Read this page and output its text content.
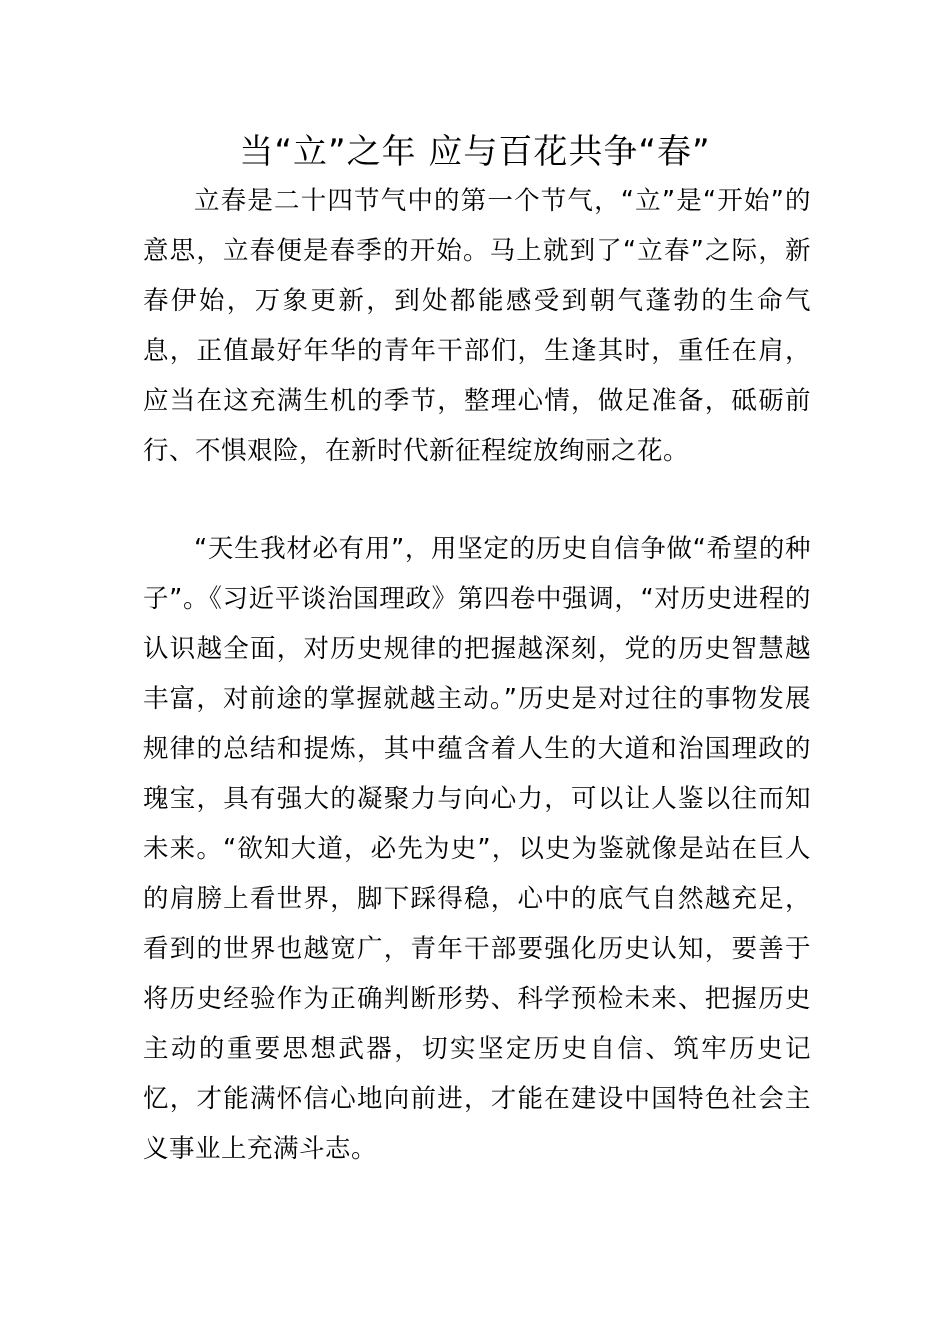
当“立”之年 应与百花共争“春”

立春是二十四节气中的第一个节气，“立”是“开始”的意思，立春便是春季的开始。马上就到了“立春”之际，新春伊始，万象更新，到处都能感受到朝气蓬勃的生命气息，正值最好年华的青年干部们，生逢其时，重任在肩，应当在这充满生机的季节，整理心情，做足准备，砥砺前行、不惧艰险，在新时代新征程绽放绚丽之花。

“天生我材必有用”，用坚定的历史自信争做“希望的种子”。《习近平谈治国理政》第四卷中强调，“对历史进程的认识越全面，对历史规律的把握越深刻，党的历史智慧越丰富，对前途的掌握就越主动。”历史是对过往的事物发展规律的总结和提炼，其中蕴含着人生的大道和治国理政的瑰宝，具有强大的凝聚力与向心力，可以让人鉴以往而知未来。“欲知大道，必先为史”，以史为鉴就像是站在巨人的肩膀上看世界，脚下踩得稳，心中的底气自然越充足，看到的世界也越宽广，青年干部要强化历史认知，要善于将历史经验作为正确判断形势、科学预检未来、把握历史主动的重要思想武器，切实坚定历史自信、筑牢历史记忆，才能满怀信心地向前进，才能在建设中国特色社会主义事业上充满斗志。
